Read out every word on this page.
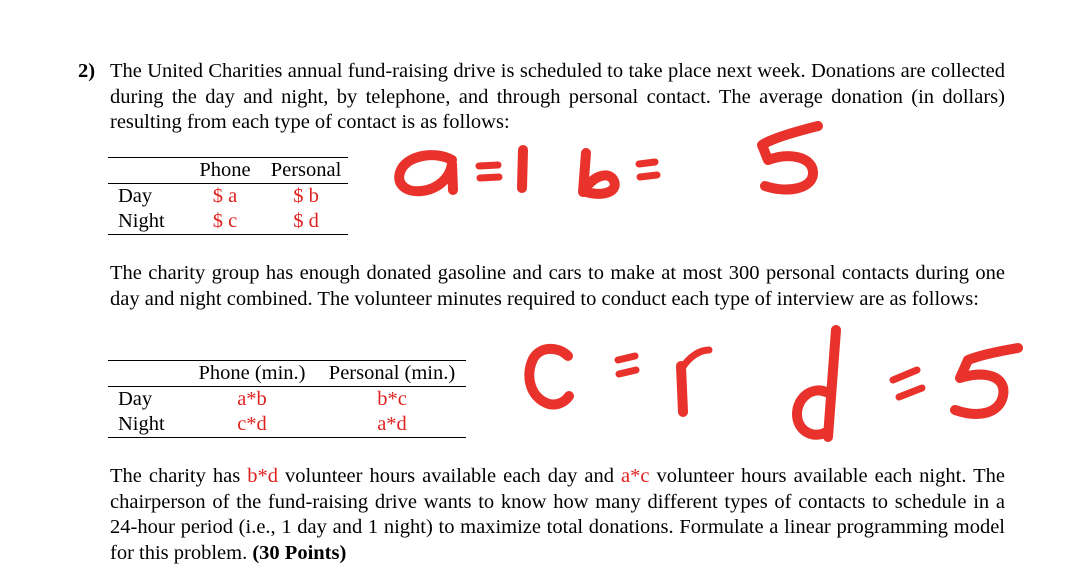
2) The United Charities annual fund-raising drive is scheduled to take place next week. Donations are collected during the day and night, by telephone, and through personal contact. The average donation (in dollars) resulting from each type of contact is as follows:

	Phone	Personal
Day	$ a	$ b
Night	$ c	$ d

The charity group has enough donated gasoline and cars to make at most 300 personal contacts during one day and night combined. The volunteer minutes required to conduct each type of interview are as follows:

	Phone (min.)	Personal (min.)
Day	a*b	b*c
Night	c*d	a*d

The charity has b*d volunteer hours available each day and a*c volunteer hours available each night. The chairperson of the fund-raising drive wants to know how many different types of contacts to schedule in a 24-hour period (i.e., 1 day and 1 night) to maximize total donations. Formulate a linear programming model for this problem. (30 Points)
